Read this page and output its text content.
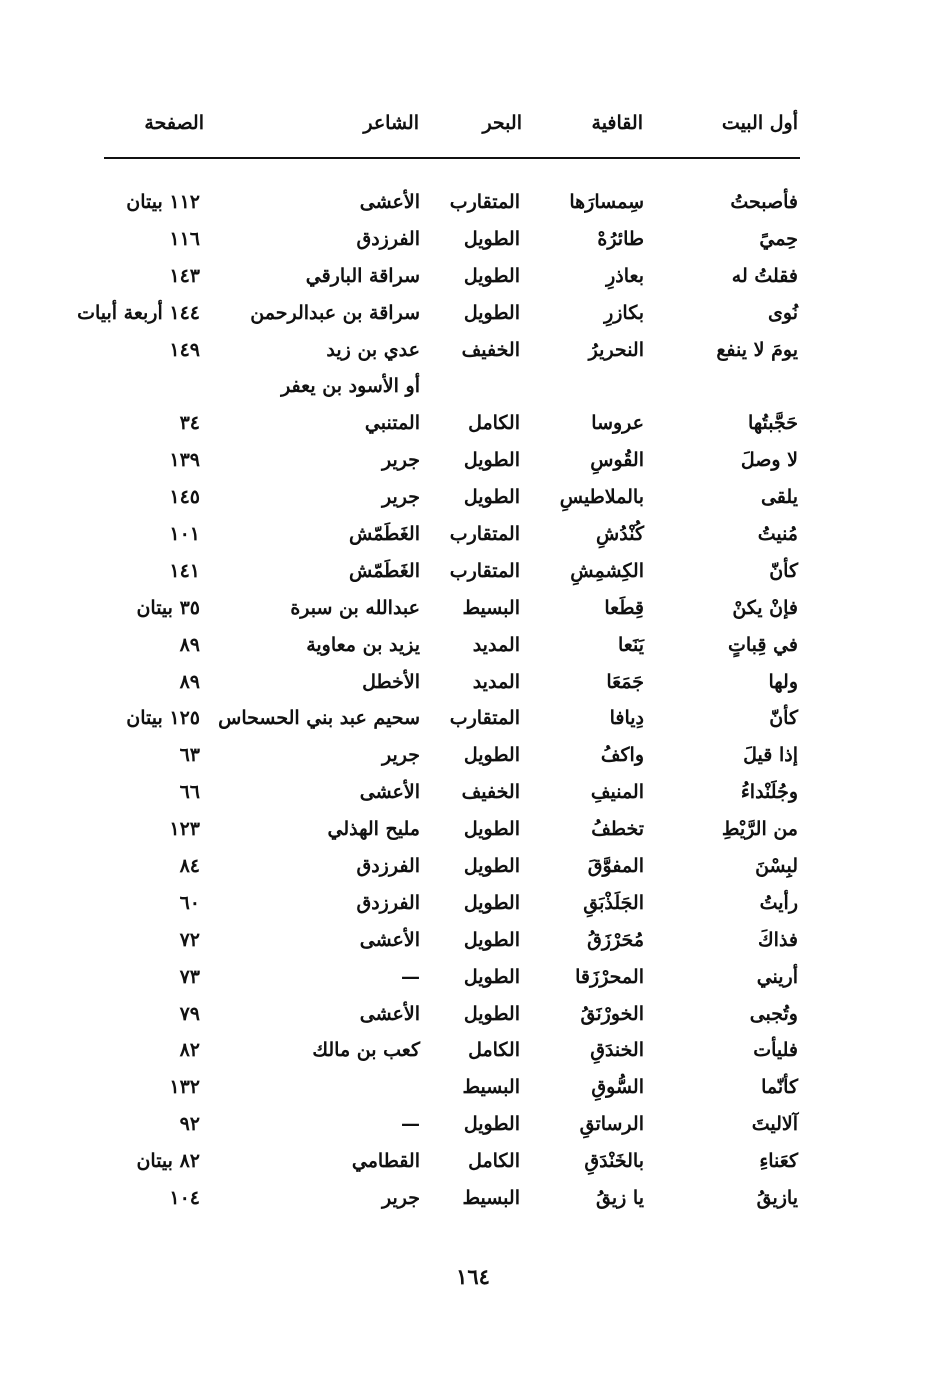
أول البيت
القافية
البحر
الشاعر
الصفحة
فأصبحتُ
سِمسارَها
المتقارب
الأعشى
١١٢ بيتان
حِميً
طائرُهْ
الطويل
الفرزدق
١١٦
فقلتُ له
بعاذرِ
الطويل
سراقة البارقي
١٤٣
نُوى
بكازرِ
الطويل
سراقة بن عبدالرحمن
١٤٤ أربعة أبيات
يومَ لا ينفع
النحريرُ
الخفيف
عدي بن زيد
١٤٩
أو الأسود بن يعفر
حَجَّبتُها
عروسا
الكامل
المتنبي
٣٤
لا وصلَ
القُوسِ
الطويل
جرير
١٣٩
يلقى
بالملاطيسِ
الطويل
جرير
١٤٥
مُنيتُ
كُنْدُشِ
المتقارب
الغَطَمّش
١٠١
كأنّ
الكِشمِشِ
المتقارب
الغَطَمّش
١٤١
فإنْ يكنْ
قِطَعا
البسيط
عبدالله بن سبرة
٣٥ بيتان
في قِباتٍ
يَنَعا
المديد
يزيد بن معاوية
٨٩
ولها
جَمَعَا
المديد
الأخطل
٨٩
كأنّ
دِيافا
المتقارب
سحيم عبد بني الحسحاس
١٢٥ بيتان
إذا قيلَ
واكفُ
الطويل
جرير
٦٣
وجُلَنْداءُ
المنيفِ
الخفيف
الأعشى
٦٦
من الرَّيْطِ
تخطفُ
الطويل
مليح الهذلي
١٢٣
لبِسْنَ
المفوَّقَ
الطويل
الفرزدق
٨٤
رأيتُ
الجَلَذْبَقِ
الطويل
الفرزدق
٦٠
فذاكَ
مُحَرْزَقُ
الطويل
الأعشى
٧٢
أريني
المحرْزَقا
الطويل
—
٧٣
وتُجبى
الخورْنَقُ
الطويل
الأعشى
٧٩
فليأت
الخندَقِ
الكامل
كعب بن مالك
٨٢
كأنّما
السُّوقِ
البسيط
١٣٢
آلاليتَ
الرساتقِ
الطويل
—
٩٢
كعَناءِ
بالخَنْدَقِ
الكامل
القطامي
٨٢ بيتان
يازيقُ
يا زيقُ
البسيط
جرير
١٠٤
١٦٤
